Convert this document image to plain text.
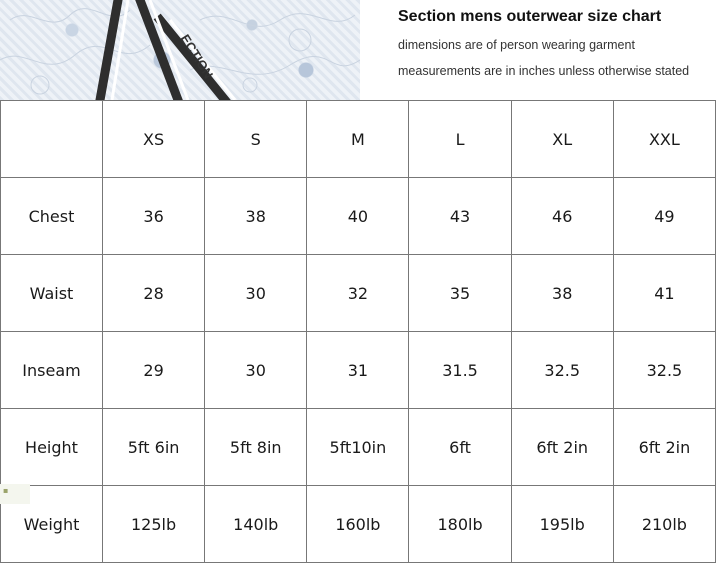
ECTION

Section mens outerwear size chart

dimensions are of person wearing garment

measurements are in inches unless otherwise stated

	XS	S	M	L	XL	XXL
Chest	36	38	40	43	46	49
Waist	28	30	32	35	38	41
Inseam	29	30	31	31.5	32.5	32.5
Height	5ft 6in	5ft 8in	5ft10in	6ft	6ft 2in	6ft 2in
Weight	125lb	140lb	160lb	180lb	195lb	210lb
▪
